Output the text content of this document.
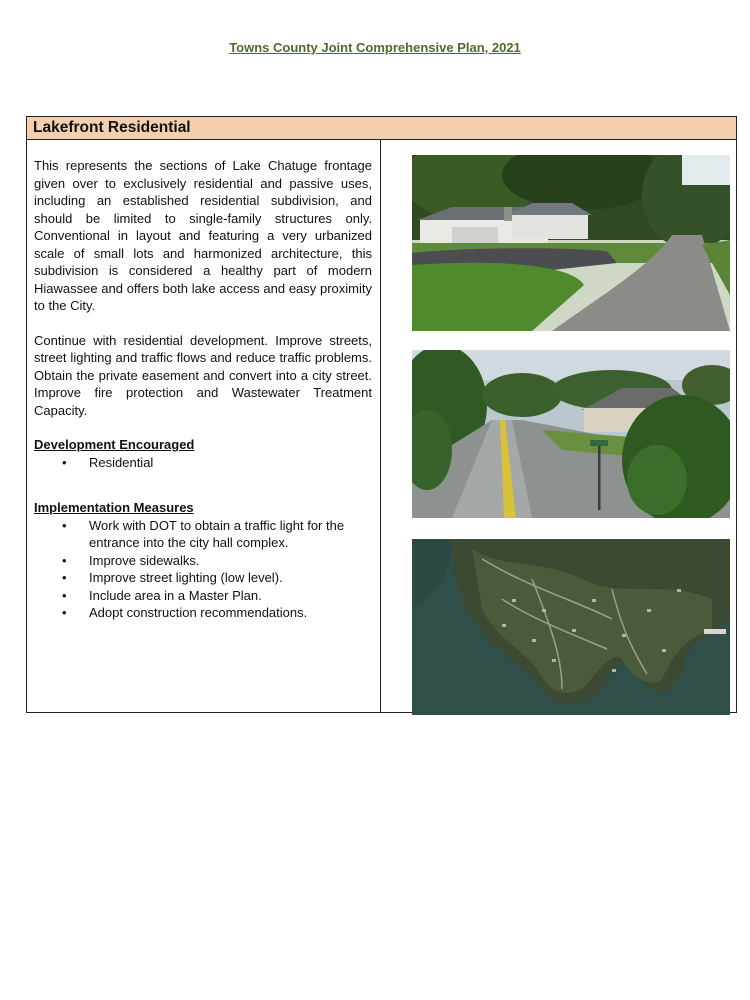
Towns County Joint Comprehensive Plan, 2021
Lakefront Residential

This represents the sections of Lake Chatuge frontage given over to exclusively residential and passive uses, including an established residential subdivision, and should be limited to single-family structures only. Conventional in layout and featuring a very urbanized scale of small lots and harmonized architecture, this subdivision is considered a healthy part of modern Hiawassee and offers both lake access and easy proximity to the City.

Continue with residential development. Improve streets, street lighting and traffic flows and reduce traffic problems. Obtain the private easement and convert into a city street. Improve fire protection and Wastewater Treatment Capacity.

Development Encouraged
• Residential
Implementation Measures
• Work with DOT to obtain a traffic light for the entrance into the city hall complex.
• Improve sidewalks.
• Improve street lighting (low level).
• Include area in a Master Plan.
• Adopt construction recommendations.
